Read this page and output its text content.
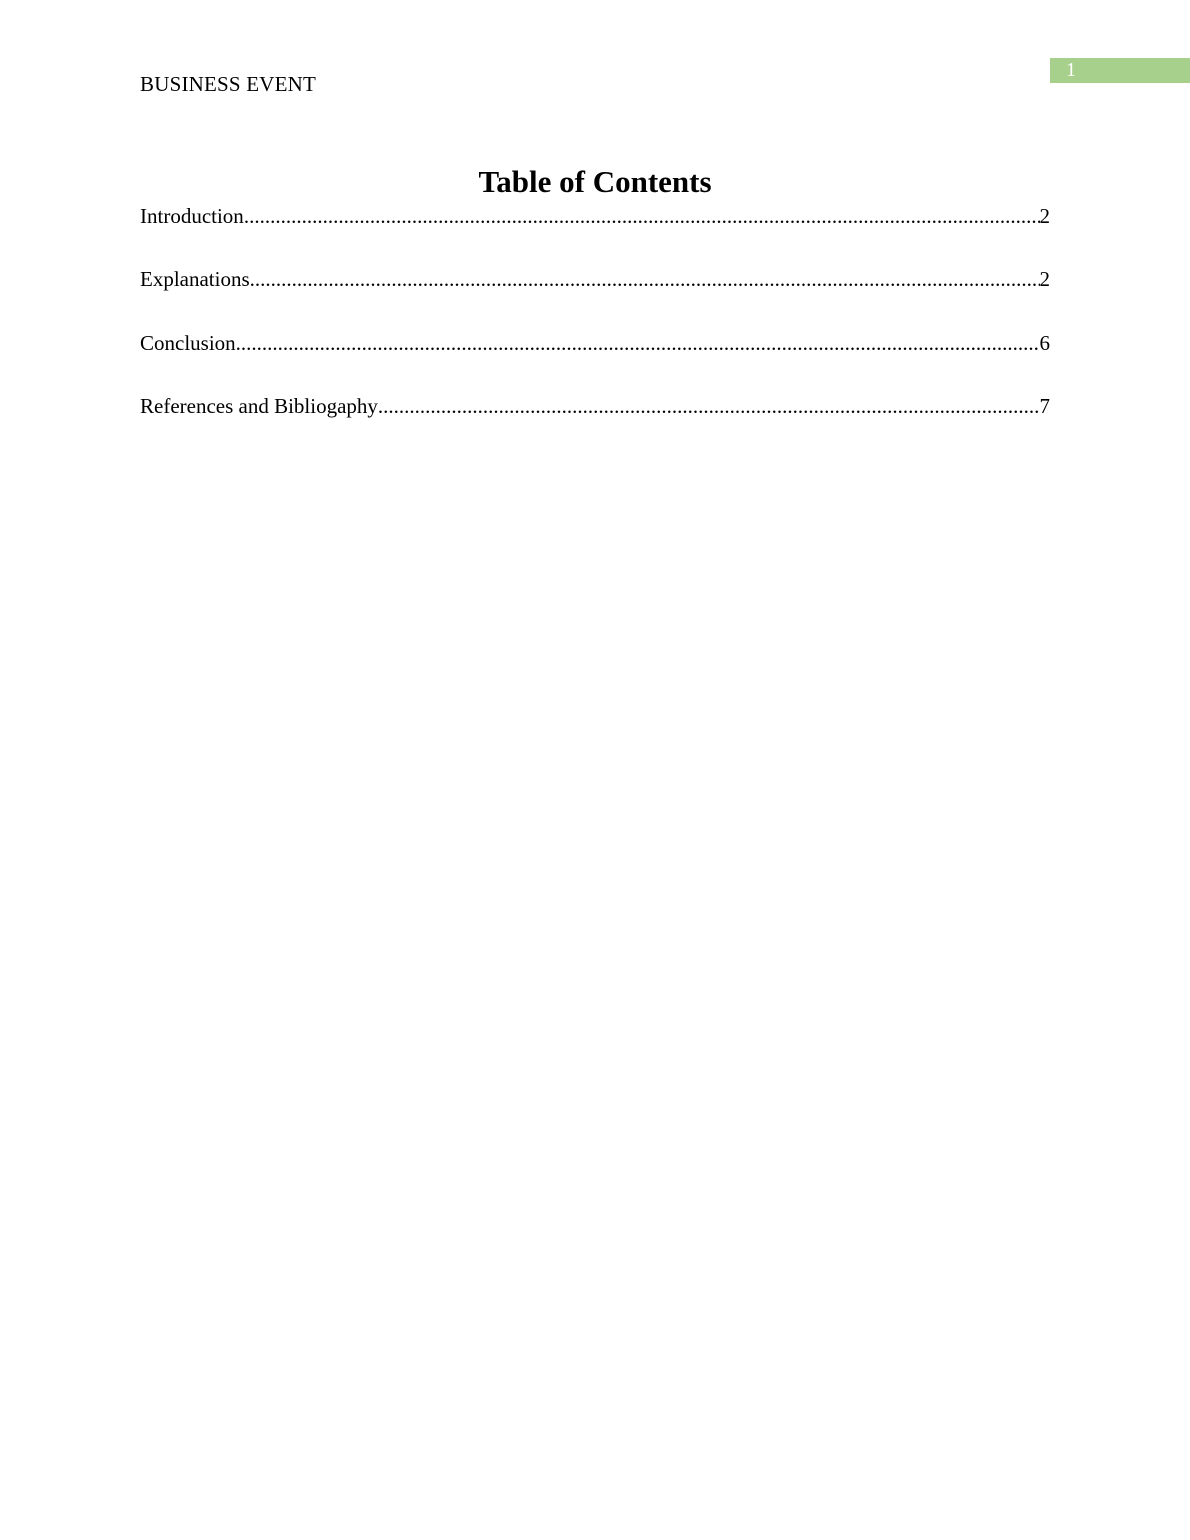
1
BUSINESS EVENT
Table of Contents
Introduction .....	2
Explanations .....	2
Conclusion .....	6
References and Bibliogaphy .....	7
